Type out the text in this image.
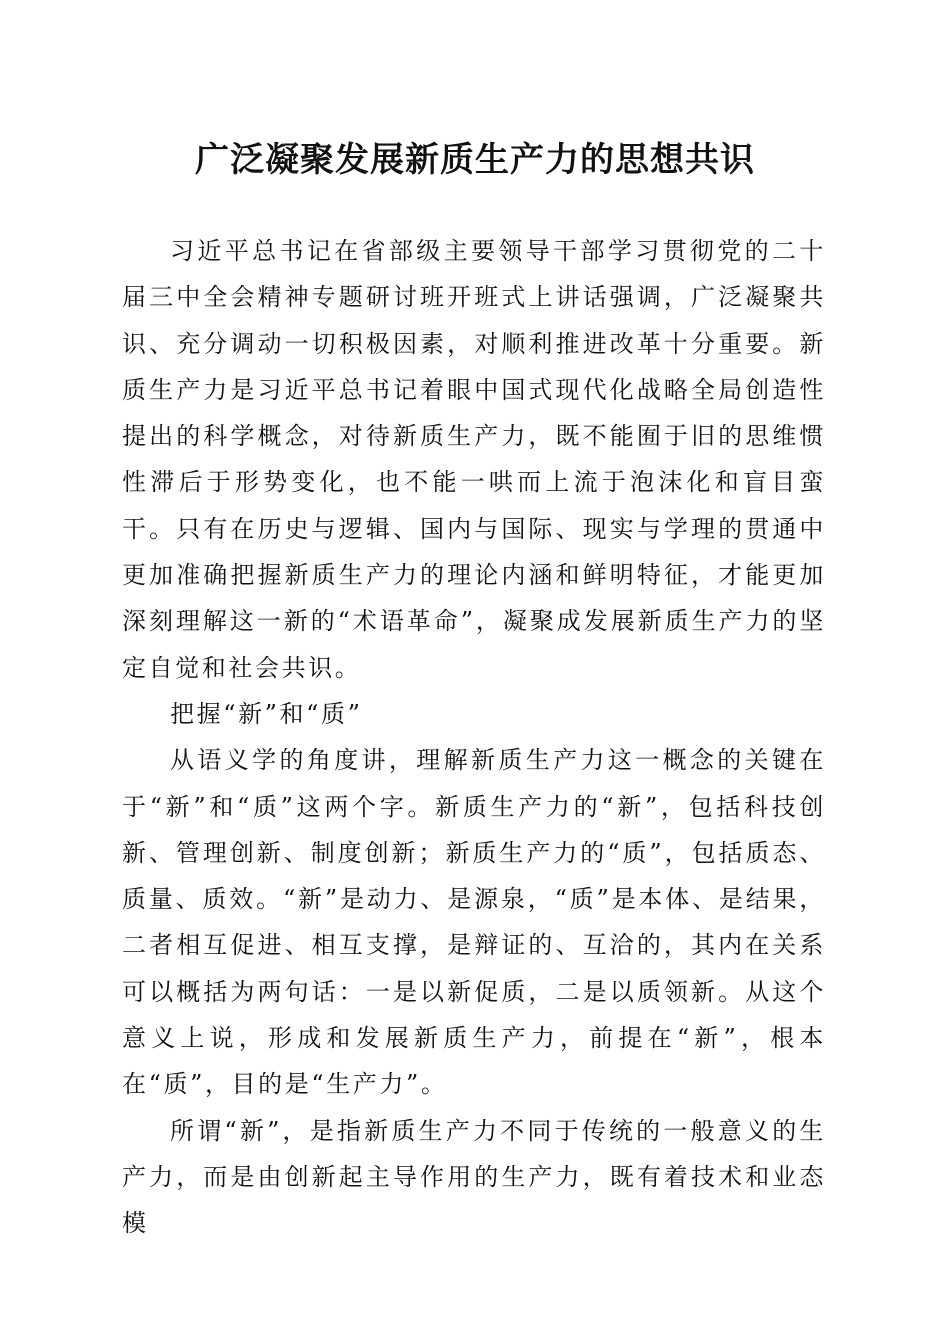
广泛凝聚发展新质生产力的思想共识

习近平总书记在省部级主要领导干部学习贯彻党的二十届三中全会精神专题研讨班开班式上讲话强调，广泛凝聚共识、充分调动一切积极因素，对顺利推进改革十分重要。新质生产力是习近平总书记着眼中国式现代化战略全局创造性提出的科学概念，对待新质生产力，既不能囿于旧的思维惯性滞后于形势变化，也不能一哄而上流于泡沫化和盲目蛮干。只有在历史与逻辑、国内与国际、现实与学理的贯通中更加准确把握新质生产力的理论内涵和鲜明特征，才能更加深刻理解这一新的“术语革命”，凝聚成发展新质生产力的坚定自觉和社会共识。

把握“新”和“质”

从语义学的角度讲，理解新质生产力这一概念的关键在于“新”和“质”这两个字。新质生产力的“新”，包括科技创新、管理创新、制度创新；新质生产力的“质”，包括质态、质量、质效。“新”是动力、是源泉，“质”是本体、是结果，二者相互促进、相互支撑，是辩证的、互洽的，其内在关系可以概括为两句话：一是以新促质，二是以质领新。从这个意义上说，形成和发展新质生产力，前提在“新”，根本在“质”，目的是“生产力”。

所谓“新”，是指新质生产力不同于传统的一般意义的生产力，而是由创新起主导作用的生产力，既有着技术和业态模
